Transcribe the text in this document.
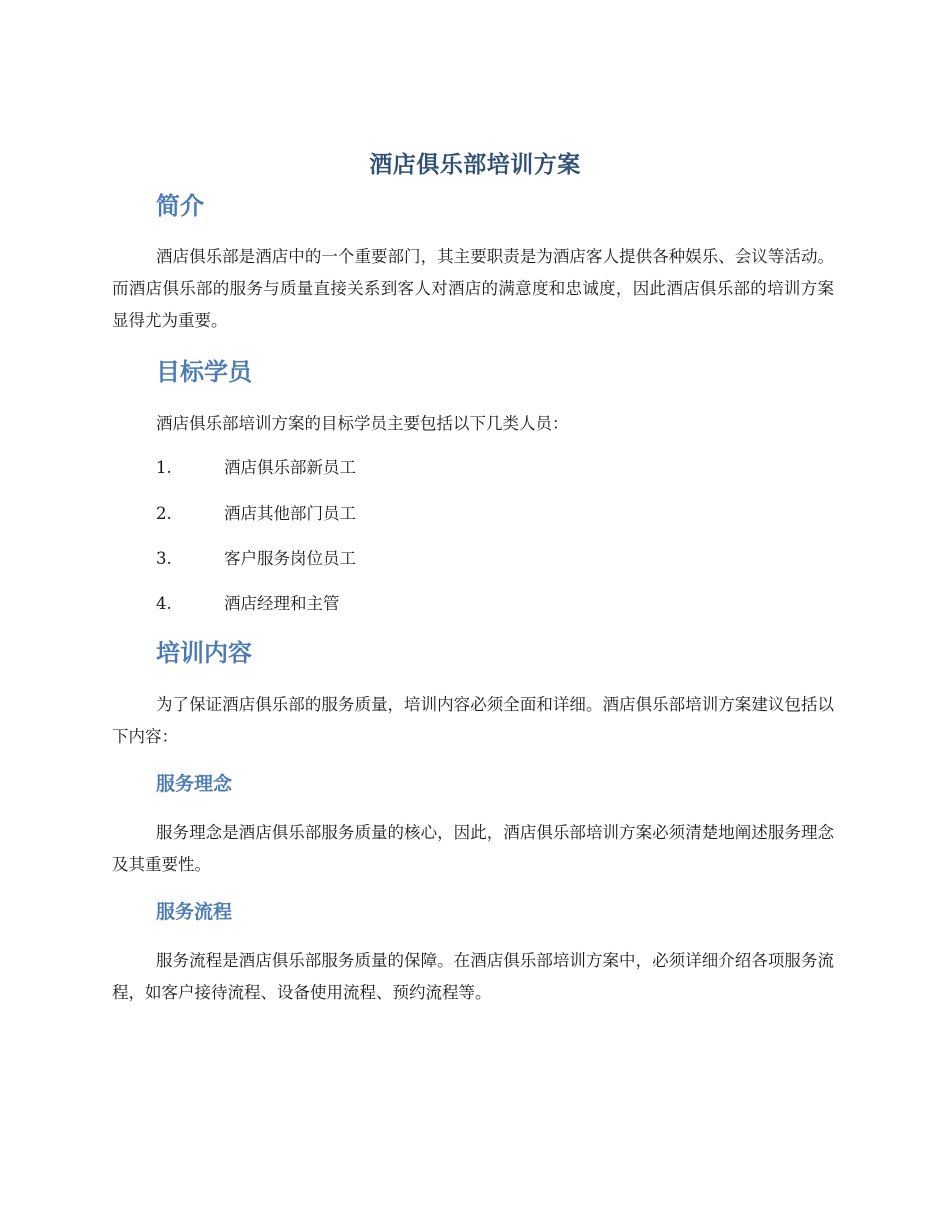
酒店俱乐部培训方案
简介

酒店俱乐部是酒店中的一个重要部门，其主要职责是为酒店客人提供各种娱乐、会议等活动。而酒店俱乐部的服务与质量直接关系到客人对酒店的满意度和忠诚度，因此酒店俱乐部的培训方案显得尤为重要。

目标学员

酒店俱乐部培训方案的目标学员主要包括以下几类人员：

1.	酒店俱乐部新员工
2.	酒店其他部门员工
3.	客户服务岗位员工
4.	酒店经理和主管
培训内容

为了保证酒店俱乐部的服务质量，培训内容必须全面和详细。酒店俱乐部培训方案建议包括以下内容：

服务理念

服务理念是酒店俱乐部服务质量的核心，因此，酒店俱乐部培训方案必须清楚地阐述服务理念及其重要性。

服务流程

服务流程是酒店俱乐部服务质量的保障。在酒店俱乐部培训方案中，必须详细介绍各项服务流程，如客户接待流程、设备使用流程、预约流程等。
